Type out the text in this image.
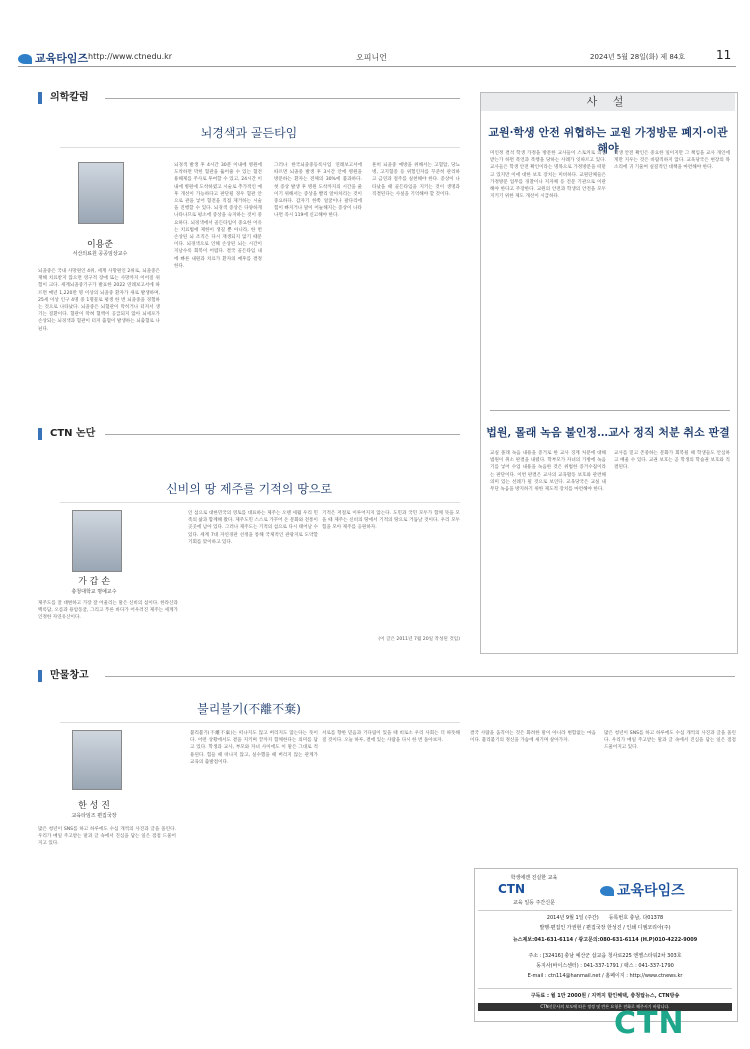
교육타임즈 http://www.ctnedu.kr	오피니언	2024년 5월 28일(화) 제 84호	11
의학칼럼
뇌경색과 골든타임
이용준
서산의료원 공공임상교수
뇌졸중은 국내 사망원인 4위, 세계 사망원인 2위로, 뇌졸중은 재해 치료받지 않으면 영구적 장애 또는 사망까지 이어질 위험이 크다. 세계뇌졸중기구가 발표한 2022 연례보고서에 따르면 매년 1,220만 명 이상의 뇌졸중 환자가 새로 발생하며, 25세 이상 인구 4명 중 1명꼴로 평생 한 번 뇌졸중을 경험하는 것으로 나타났다. 뇌졸중은 뇌혈관이 막히거나 터져서 생기는 질환이다. 혈관이 막혀 혈액이 공급되지 않아 뇌세포가 손상되는 뇌경색과 혈관이 터져 출혈이 발생하는 뇌출혈로 나뉜다.
뇌경색 발생 후 4시간 30분 이내에 병원에 도착하면 막힌 혈관을 뚫어줄 수 있는 혈전용해제를 주사로 투여할 수 있고, 24시간 이내에 병원에 도착하였고 시술로 추가적인 예후 개선이 가능하다고 판단될 경우 혈관 안으로 관을 넣어 혈전을 직접 제거하는 시술을 진행할 수 있다. 뇌경색 증상은 다양하게 나타나므로 평소에 증상을 숙지하는 것이 중요하다. 뇌경색에서 골든타임이 중요한 이유는 치료법에 제한이 생길 뿐 아니라, 한 번 손상된 뇌 조직은 다시 재생되지 않기 때문이다. 뇌경색으로 인해 손상된 뇌는 시간이 지날수록 회복이 어렵다. 결국 골든타임 내에 빠른 내원과 치료가 환자의 예후를 결정한다.
그러나 한국뇌졸중등록사업 연례보고서에 따르면 뇌졸중 발생 후 3시간 안에 병원을 방문하는 환자는 전체의 30%에 불과하다. 첫 증상 발생 후 병원 도착까지의 시간을 줄이기 위해서는 증상을 빨리 알아차리는 것이 중요하다. 갑자기 한쪽 얼굴이나 팔다리에 힘이 빠지거나 말이 어눌해지는 증상이 나타나면 즉시 119에 신고해야 한다.
흔히 뇌졸중 예방을 위해서는 고혈압, 당뇨병, 고지혈증 등 위험인자를 꾸준히 관리하고 금연과 절주를 실천해야 한다. 증상이 나타났을 때 골든타임을 지키는 것이 생명과 직결된다는 사실을 기억해야 할 것이다.
CTN 논단
신비의 땅 제주를 기적의 땅으로
가 갑 손
충청대학교 명예교수
제주도를 잘 대변하고 가장 잘 어울리는 말은 신비의 섬이다. 한라산과 백록담, 오름과 용암동굴, 그리고 푸른 바다가 어우러진 제주는 세계가 인정한 자연유산이다.
인 섬으로 대한민국의 영토를 대표하는 제주는 오랜 세월 우리 민족의 삶과 함께해 왔다. 제주도민 스스로 가꾸어 온 문화와 전통이 곳곳에 남아 있다. 그러나 제주도는 기적의 섬으로 다시 태어날 수 있다. 세계 7대 자연경관 선정을 통해 국제적인 관광지로 도약할 기회를 맞이하고 있다.
기적은 저절로 이루어지지 않는다. 도민과 국민 모두가 함께 뜻을 모을 때 제주는 신비의 땅에서 기적의 땅으로 거듭날 것이다. 우리 모두 힘을 모아 제주를 응원하자.
(이 글은 2011년 7월 20일 작성된 것임)
만물창고
불리불기(不離不棄)
한 성 진
교육타임즈 편집국장
많은 청년이 SNS를 하고 하루에도 수십 개씩의 사진과 글을 올린다. 우리가 매일 주고받는 말과 글 속에서 진심을 담는 일은 점점 드물어지고 있다.
불리불기(不離不棄)는 떠나지도 않고 버리지도 않는다는 뜻이다. 어떤 상황에서도 곁을 지키며 끝까지 함께한다는 의미를 담고 있다. 학생과 교사, 부모와 자녀 사이에도 이 말은 그대로 적용된다. 힘들 때 떠나지 않고, 실수했을 때 버리지 않는 관계가 교육의 출발점이다.
서로를 향한 믿음과 기다림이 있을 때 비로소 우리 사회는 더 따뜻해질 것이다. 오늘 하루, 곁에 있는 사람을 다시 한 번 돌아보자.
결국 사람을 움직이는 것은 화려한 말이 아니라 변함없는 마음이다. 불리불기의 정신을 가슴에 새기며 살아가자.
많은 청년이 SNS를 하고 하루에도 수십 개씩의 사진과 글을 올린다. 우리가 매일 주고받는 말과 글 속에서 진심을 담는 일은 점점 드물어지고 있다.
사 설
교원·학생 안전 위협하는 교원 가정방문 폐지·이관해야
미인정 결석 학생 가정을 방문한 교사들이 스토커로 의심받는가 하면 폭언과 폭행을 당하는 사례가 잇따르고 있다. 교사들은 학생 안전 확인이라는 명목으로 가정방문을 떠맡고 있지만 이에 대한 보호 장치는 미비하다. 교원단체들은 가정방문 업무를 경찰이나 지자체 등 전문 기관으로 이관해야 한다고 주장한다. 교원의 안전과 학생의 안전을 모두 지키기 위한 제도 개선이 시급하다.
학생 안전 확인은 중요한 일이지만 그 책임을 교사 개인에게만 지우는 것은 바람직하지 않다. 교육당국은 현장의 목소리에 귀 기울여 실질적인 대책을 마련해야 한다.
법원, 몰래 녹음 불인정…교사 정직 처분 취소 판결
교실 몰래 녹음 내용을 증거로 한 교사 징계 처분에 대해 법원이 취소 판결을 내렸다. 학부모가 자녀의 가방에 녹음기를 넣어 수업 내용을 녹음한 것은 위법한 증거수집이라는 판단이다. 이번 판결은 교사의 교육활동 보호와 관련해 의미 있는 선례가 될 것으로 보인다. 교육당국은 교실 내 무단 녹음을 방지하기 위한 제도적 장치를 마련해야 한다.
교사를 믿고 존중하는 문화가 회복될 때 학생들도 안심하고 배울 수 있다. 교권 보호는 곧 학생의 학습권 보호와 직결된다.
학생에겐 진실한 교육
CTN
교육 일등 주간신문
교육타임즈
2014년 9월 1일 (주간)　　 등록번호 충남, 다01378
발행·편집인 가권현 / 편집국장 한성진 / 인쇄 디엠코리아(주)
뉴스제보:041-631-6114 / 광고문의:080-631-6114 (H.P)010-4222-9009
주소 : [32416] 충남 예산군 삽교읍 청사로225 엔젤스타워2차 303호
동지사(바이스센터) : 041-337-1791 / 팩스 : 041-337-1790
E-mail : ctn114@hanmail.net / 홈페이지 : http://www.ctnews.kr
구독료 : 월 1만 2000원 / 지역지 할인혜택, 충청탑뉴스, CTN방송
CTN신문사의 보도에 따른 정정 및 반론 요청은 전화로 해주시기 바랍니다.
CTN
